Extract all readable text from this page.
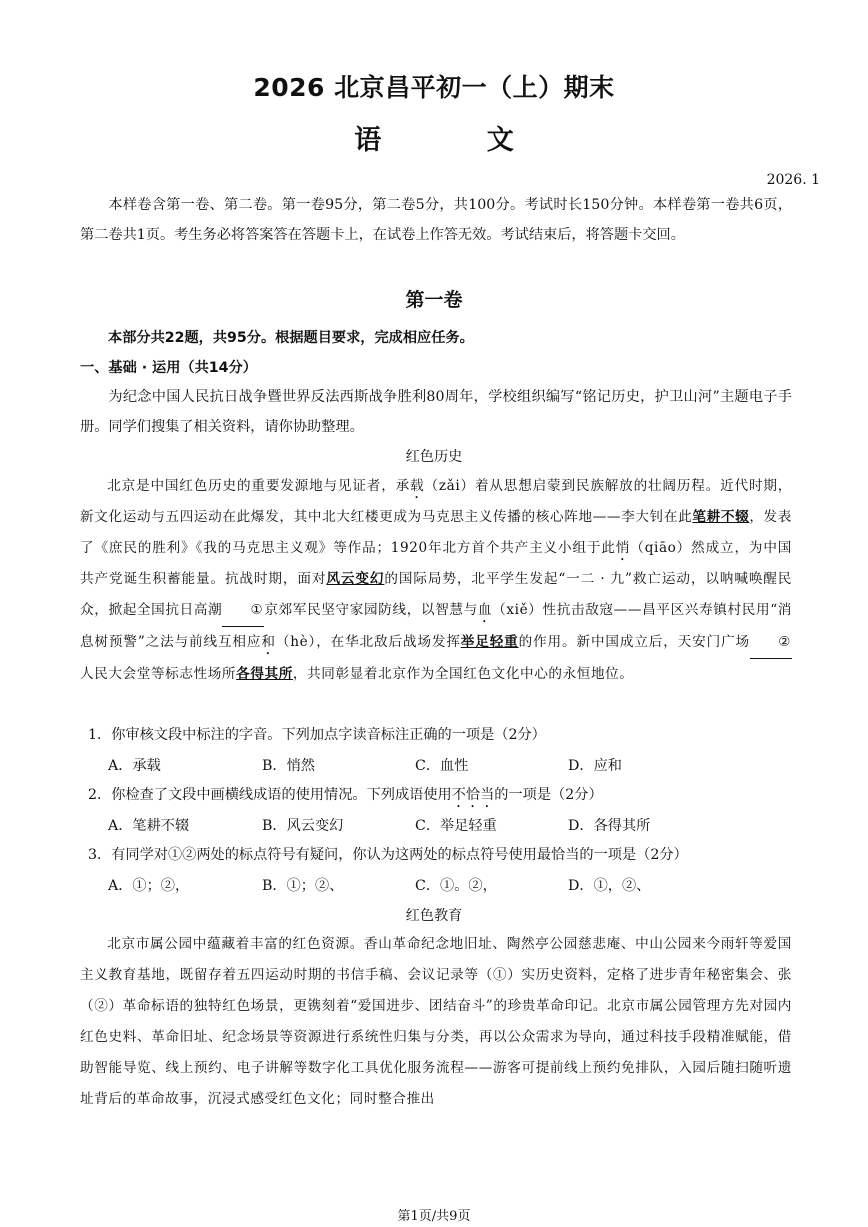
2026 北京昌平初一（上）期末
语 文
2026. 1
本样卷含第一卷、第二卷。第一卷95分，第二卷5分，共100分。考试时长150分钟。本样卷第一卷共6页，第二卷共1页。考生务必将答案答在答题卡上，在试卷上作答无效。考试结束后，将答题卡交回。
第一卷
本部分共22题，共95分。根据题目要求，完成相应任务。
一、基础 · 运用（共14分）
为纪念中国人民抗日战争暨世界反法西斯战争胜利80周年，学校组织编写“铭记历史，护卫山河”主题电子手册。同学们搜集了相关资料，请你协助整理。
红色历史
北京是中国红色历史的重要发源地与见证者，承载（zǎi）着从思想启蒙到民族解放的壮阔历程。近代时期，新文化运动与五四运动在此爆发，其中北大红楼更成为马克思主义传播的核心阵地——李大钊在此笔耕不辍，发表了《庶民的胜利》《我的马克思主义观》等作品；1920年北方首个共产主义小组于此悄（qiāo）然成立，为中国共产党诞生积蓄能量。抗战时期，面对风云变幻的国际局势，北平学生发起“一二 · 九”救亡运动，以呐喊唤醒民众，掀起全国抗日高潮 ①京郊军民坚守家园防线，以智慧与血（xiě）性抗击敌寇——昌平区兴寿镇村民用“消息树预警”之法与前线互相应和（hè），在华北敌后战场发挥举足轻重的作用。新中国成立后，天安门广场 ②人民大会堂等标志性场所各得其所，共同彰显着北京作为全国红色文化中心的永恒地位。
1．你审核文段中标注的字音。下列加点字读音标注正确的一项是（2分）
A．承载	B．悄然	C．血性	D．应和
2．你检查了文段中画横线成语的使用情况。下列成语使用不恰当的一项是（2分）
A．笔耕不辍	B．风云变幻	C．举足轻重	D．各得其所
3．有同学对①②两处的标点符号有疑问，你认为这两处的标点符号使用最恰当的一项是（2分）
A．①；②，	B．①；②、	C．①。②，	D．①，②、
红色教育
北京市属公园中蕴藏着丰富的红色资源。香山革命纪念地旧址、陶然亭公园慈悲庵、中山公园来今雨轩等爱国主义教育基地，既留存着五四运动时期的书信手稿、会议记录等（①）实历史资料，定格了进步青年秘密集会、张（②）革命标语的独特红色场景，更镌刻着“爱国进步、团结奋斗”的珍贵革命印记。北京市属公园管理方先对园内红色史料、革命旧址、纪念场景等资源进行系统性归集与分类，再以公众需求为导向，通过科技手段精准赋能，借助智能导览、线上预约、电子讲解等数字化工具优化服务流程——游客可提前线上预约免排队，入园后随扫随听遗址背后的革命故事，沉浸式感受红色文化；同时整合推出
第1页/共9页
